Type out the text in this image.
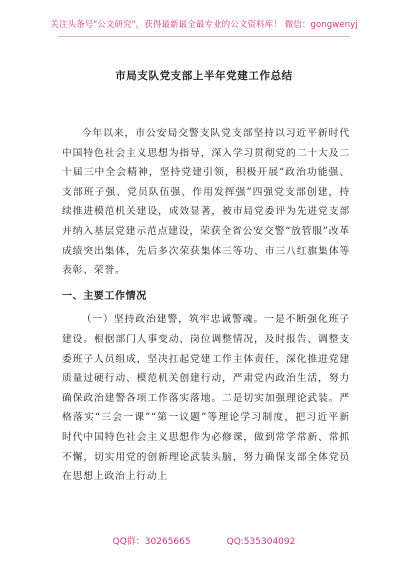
关注头条号"公文研究"，获得最新最全最专业的公文资料库！ 微信：gongwenyj
市局支队党支部上半年党建工作总结

今年以来，市公安局交警支队党支部坚持以习近平新时代中国特色社会主义思想为指导，深入学习贯彻党的二十大及二十届三中全会精神，坚持党建引领，积极开展“政治功能强、支部班子强、党员队伍强、作用发挥强”四强党支部创建，持续推进模范机关建设，成效显著，被市局党委评为先进党支部并纳入基层党建示范点建设，荣获全省公安交警“放管服”改革成绩突出集体，先后多次荣获集体三等功、市三八红旗集体等表彰、荣誉。

一、主要工作情况

（一）坚持政治建警，筑牢忠诚警魂。一是不断强化班子建设。根据部门人事变动、岗位调整情况，及时报告、调整支委班子人员组成，坚决扛起党建工作主体责任，深化推进党建质量过硬行动、模范机关创建行动，严肃党内政治生活，努力确保政治建警各项工作落实落地。二是切实加强理论武装。严格落实“三会一课”“第一议题”等理论学习制度，把习近平新时代中国特色社会主义思想作为必修课，做到常学常新、常抓不懈，切实用党的创新理论武装头脑，努力确保支部全体党员在思想上政治上行动上

QQ群：30265665	QQ:535304092
